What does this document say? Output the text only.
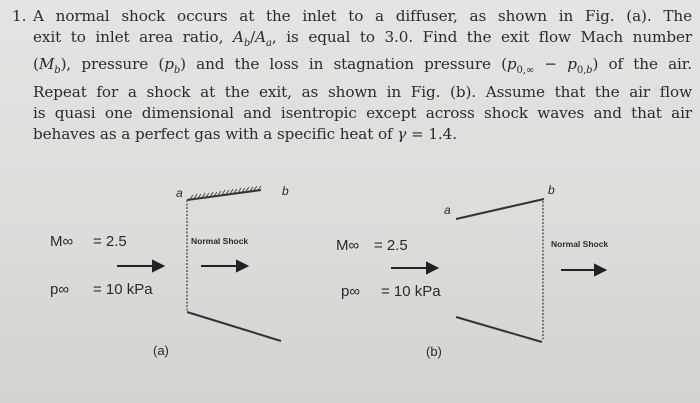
1. A normal shock occurs at the inlet to a diffuser, as shown in Fig. (a). The
exit to inlet area ratio, $A_b/A_a$, is equal to 3.0. Find the exit flow Mach number
$(M_b)$, pressure $(p_b)$ and the loss in stagnation pressure $(p_{0,\infty} - p_{0,b})$ of the air.
Repeat for a shock at the exit, as shown in Fig. (b). Assume that the air flow
is quasi one dimensional and isentropic except across shock waves and that air
behaves as a perfect gas with a specific heat of γ = 1.4.
a	b
Normal Shock
M∞ = 2.5
p∞ = 10 kPa
(a)
a
b
Normal Shock
M∞ = 2.5
p∞ = 10 kPa
(b)
